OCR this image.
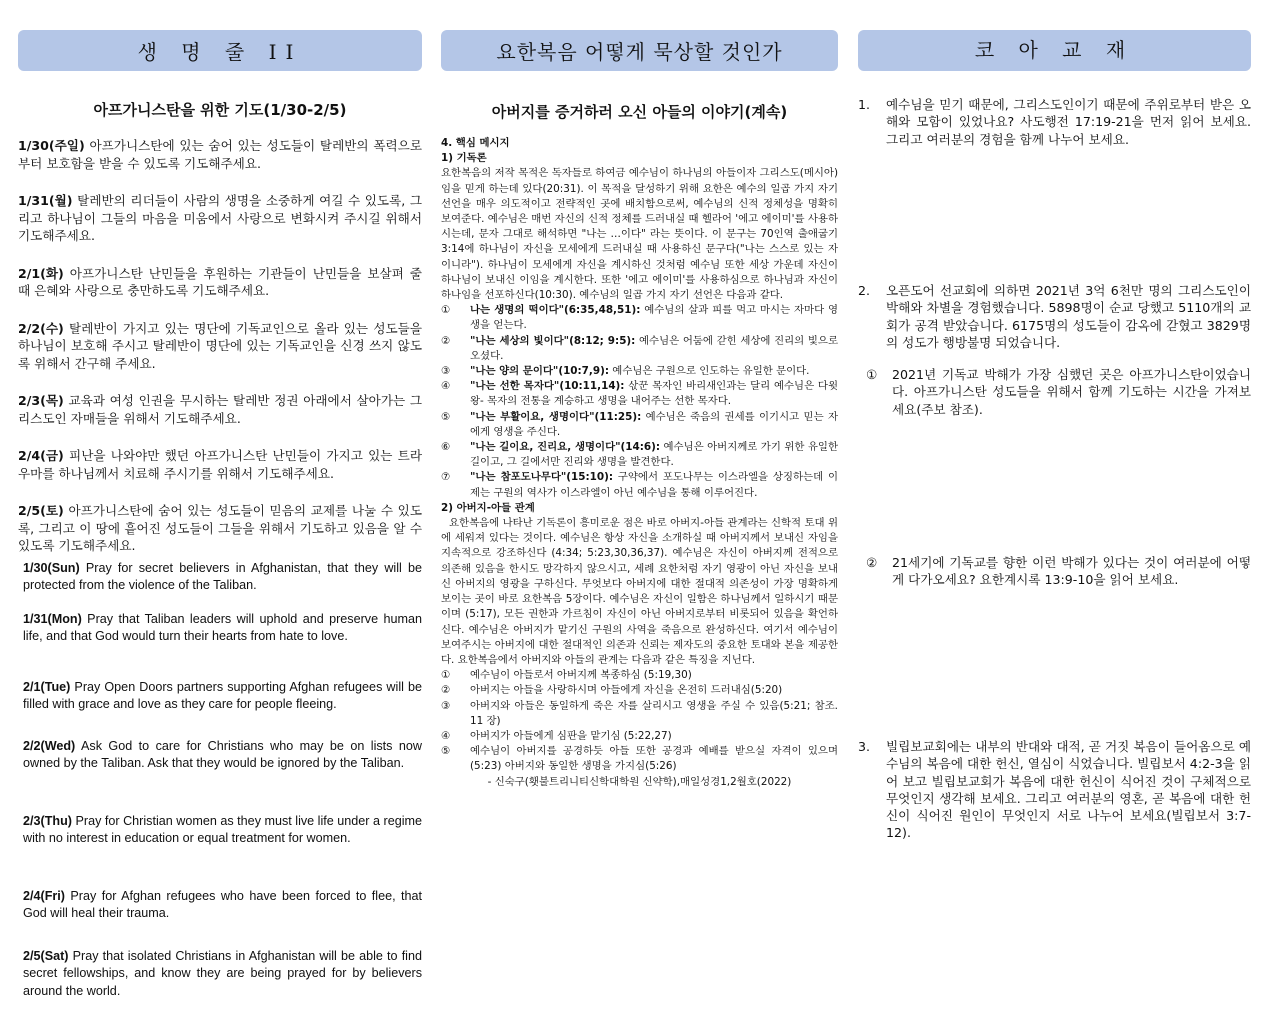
생 명 줄 II
아프가니스탄을 위한 기도(1/30-2/5)

1/30(주일) 아프가니스탄에 있는 숨어 있는 성도들이 탈레반의 폭력으로부터 보호함을 받을 수 있도록 기도해주세요.

1/31(월) 탈레반의 리더들이 사람의 생명을 소중하게 여길 수 있도록, 그리고 하나님이 그들의 마음을 미움에서 사랑으로 변화시켜 주시길 위해서 기도해주세요.

2/1(화) 아프가니스탄 난민들을 후원하는 기관들이 난민들을 보살펴 줄 때 은혜와 사랑으로 충만하도록 기도해주세요.

2/2(수) 탈레반이 가지고 있는 명단에 기독교인으로 올라 있는 성도들을 하나님이 보호해 주시고 탈레반이 명단에 있는 기독교인을 신경 쓰지 않도록 위해서 간구해 주세요.

2/3(목) 교육과 여성 인권을 무시하는 탈레반 정권 아래에서 살아가는 그리스도인 자매들을 위해서 기도해주세요.

2/4(금) 피난을 나와야만 했던 아프가니스탄 난민들이 가지고 있는 트라우마를 하나님께서 치료해 주시기를 위해서 기도해주세요.

2/5(토) 아프가니스탄에 숨어 있는 성도들이 믿음의 교제를 나눌 수 있도록, 그리고 이 땅에 흩어진 성도들이 그들을 위해서 기도하고 있음을 알 수 있도록 기도해주세요.

1/30(Sun) Pray for secret believers in Afghanistan, that they will be protected from the violence of the Taliban.

1/31(Mon) Pray that Taliban leaders will uphold and preserve human life, and that God would turn their hearts from hate to love.

2/1(Tue) Pray Open Doors partners supporting Afghan refugees will be filled with grace and love as they care for people fleeing.

2/2(Wed) Ask God to care for Christians who may be on lists now owned by the Taliban. Ask that they would be ignored by the Taliban.

2/3(Thu) Pray for Christian women as they must live life under a regime with no interest in education or equal treatment for women.

2/4(Fri) Pray for Afghan refugees who have been forced to flee, that God will heal their trauma.

2/5(Sat) Pray that isolated Christians in Afghanistan will be able to find secret fellowships, and know they are being prayed for by believers around the world.

요한복음 어떻게 묵상할 것인가
아버지를 증거하러 오신 아들의 이야기(계속)

4. 핵심 메시지

1) 기독론

요한복음의 저작 목적은 독자들로 하여금 예수님이 하나님의 아들이자 그리스도(메시아)임을 믿게 하는데 있다(20:31). 이 목적을 달성하기 위해 요한은 예수의 일곱 가지 자기 선언을 매우 의도적이고 전략적인 곳에 배치함으로써, 예수님의 신적 정체성을 명확히 보여준다. 예수님은 매번 자신의 신적 정체를 드러내실 때 헬라어 '에고 에이미'를 사용하시는데, 문자 그대로 해석하면 "나는 …이다" 라는 뜻이다. 이 문구는 70인역 출애굽기 3:14에 하나님이 자신을 모세에게 드러내실 때 사용하신 문구다("나는 스스로 있는 자 이니라"). 하나님이 모세에게 자신을 계시하신 것처럼 예수님 또한 세상 가운데 자신이 하나님이 보내신 이임을 계시한다. 또한 '에고 에이미'를 사용하심으로 하나님과 자신이 하나임을 선포하신다(10:30). 예수님의 일곱 가지 자기 선언은 다음과 같다.

①	나는 생명의 떡이다"(6:35,48,51): 예수님의 살과 피를 먹고 마시는 자마다 영생을 얻는다.
②	"나는 세상의 빛이다"(8:12; 9:5): 예수님은 어둠에 갇힌 세상에 진리의 빛으로 오셨다.
③	"나는 양의 문이다"(10:7,9): 예수님은 구원으로 인도하는 유일한 문이다.
④	"나는 선한 목자다"(10:11,14): 삯꾼 목자인 바리새인과는 달리 예수님은 다윗왕- 목자의 전통을 계승하고 생명을 내어주는 선한 목자다.
⑤	"나는 부활이요, 생명이다"(11:25): 예수님은 죽음의 권세를 이기시고 믿는 자에게 영생을 주신다.
⑥	"나는 길이요, 진리요, 생명이다"(14:6): 예수님은 아버지께로 가기 위한 유일한 길이고, 그 길에서만 진리와 생명을 발견한다.
⑦	"나는 참포도나무다"(15:10): 구약에서 포도나무는 이스라엘을 상징하는데 이제는 구원의 역사가 이스라엘이 아닌 예수님을 통해 이루어진다.

2) 아버지-아들 관계

요한복음에 나타난 기독론이 흥미로운 점은 바로 아버지-아들 관계라는 신학적 토대 위에 세워져 있다는 것이다. 예수님은 항상 자신을 소개하실 때 아버지께서 보내신 자임을 지속적으로 강조하신다 (4:34; 5:23,30,36,37). 예수님은 자신이 아버지께 전적으로 의존해 있음을 한시도 망각하지 않으시고, 세례 요한처럼 자기 영광이 아닌 자신을 보내신 아버지의 영광을 구하신다. 무엇보다 아버지에 대한 절대적 의존성이 가장 명확하게 보이는 곳이 바로 요한복음 5장이다. 예수님은 자신이 일함은 하나님께서 일하시기 때문이며 (5:17), 모든 권한과 가르침이 자신이 아닌 아버지로부터 비롯되어 있음을 확언하신다. 예수님은 아버지가 맡기신 구원의 사역을 죽음으로 완성하신다. 여기서 예수님이 보여주시는 아버지에 대한 절대적인 의존과 신뢰는 제자도의 중요한 토대와 본을 제공한다. 요한복음에서 아버지와 아들의 관계는 다음과 같은 특징을 지닌다.

①	예수님이 아들로서 아버지께 복종하심 (5:19,30)
②	아버지는 아들을 사랑하시며 아들에게 자신을 온전히 드러내심(5:20)
③	아버지와 아들은 동일하게 죽은 자를 살리시고 영생을 주실 수 있음(5:21; 참조. 11 장)
④	아버지가 아들에게 심판을 맡기심 (5:22,27)
⑤	예수님이 아버지를 공경하듯 아들 또한 공경과 예배를 받으실 자격이 있으며(5:23) 아버지와 동일한 생명을 가지심(5:26)

- 신숙구(횃불트리니티신학대학원 신약학),매일성경1,2월호(2022)

코 아 교 재
1.	예수님을 믿기 때문에, 그리스도인이기 때문에 주위로부터 받은 오해와 모함이 있었나요? 사도행전 17:19-21을 먼저 읽어 보세요. 그리고 여러분의 경험을 함께 나누어 보세요.
2.	오픈도어 선교회에 의하면 2021년 3억 6천만 명의 그리스도인이 박해와 차별을 경험했습니다. 5898명이 순교 당했고 5110개의 교회가 공격 받았습니다. 6175명의 성도들이 감옥에 갇혔고 3829명의 성도가 행방불명 되었습니다.
①	2021년 기독교 박해가 가장 심했던 곳은 아프가니스탄이었습니다. 아프가니스탄 성도들을 위해서 함께 기도하는 시간을 가져보세요(주보 참조).
②	21세기에 기독교를 향한 이런 박해가 있다는 것이 여러분에 어떻게 다가오세요? 요한계시록 13:9-10을 읽어 보세요.
3.	빌립보교회에는 내부의 반대와 대적, 곧 거짓 복음이 들어옴으로 예수님의 복음에 대한 헌신, 열심이 식었습니다. 빌립보서 4:2-3을 읽어 보고 빌립보교회가 복음에 대한 헌신이 식어진 것이 구체적으로 무엇인지 생각해 보세요. 그리고 여러분의 영혼, 곧 복음에 대한 헌신이 식어진 원인이 무엇인지 서로 나누어 보세요(빌립보서 3:7-12).
